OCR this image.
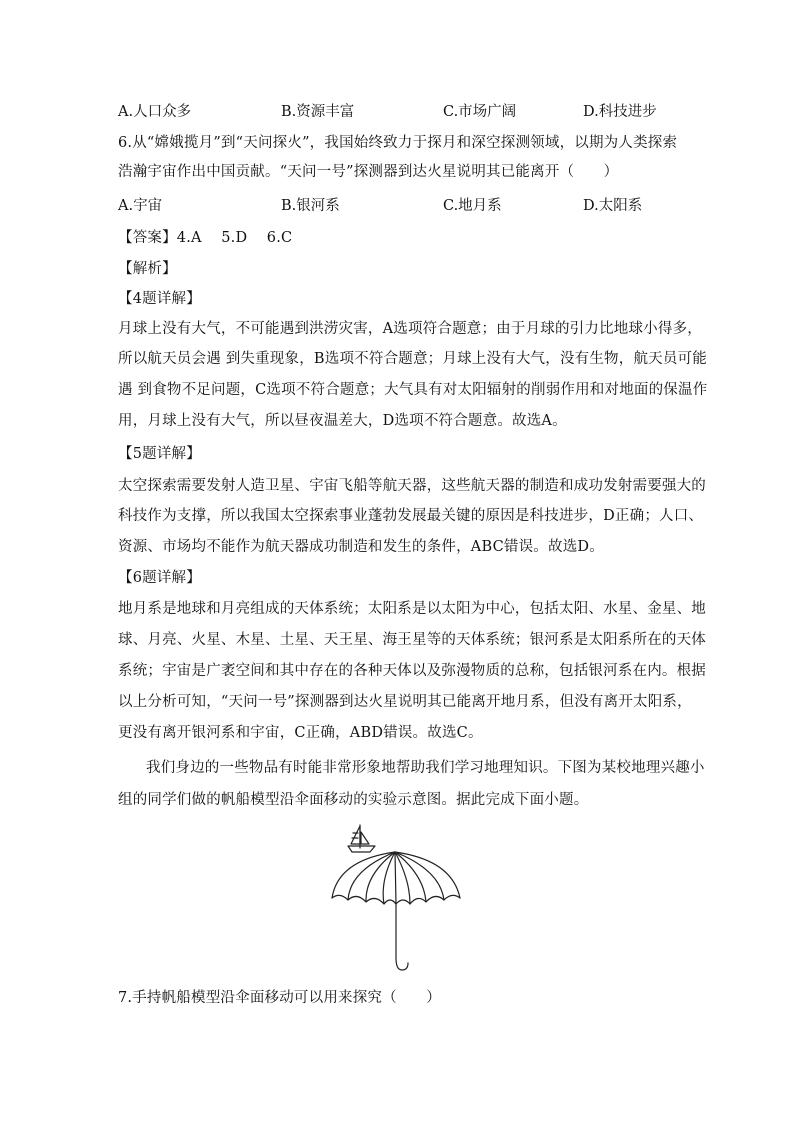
A.人口众多	B.资源丰富	C.市场广阔	D.科技进步
6.从“嫦娥揽月”到“天问探火”，我国始终致力于探月和深空探测领域，以期为人类探索
浩瀚宇宙作出中国贡献。“天问一号”探测器到达火星说明其已能离开（　　）
A.宇宙	B.银河系	C.地月系	D.太阳系
【答案】4.A　 5.D　 6.C
【解析】
【4题详解】
月球上没有大气，不可能遇到洪涝灾害，A选项符合题意；由于月球的引力比地球小得多，
所以航天员会遇 到失重现象，B选项不符合题意；月球上没有大气，没有生物，航天员可能
遇 到食物不足问题，C选项不符合题意；大气具有对太阳辐射的削弱作用和对地面的保温作
用，月球上没有大气，所以昼夜温差大，D选项不符合题意。故选A。
【5题详解】
太空探索需要发射人造卫星、宇宙飞船等航天器，这些航天器的制造和成功发射需要强大的
科技作为支撑，所以我国太空探索事业蓬勃发展最关键的原因是科技进步，D正确；人口、
资源、市场均不能作为航天器成功制造和发生的条件，ABC错误。故选D。
【6题详解】
地月系是地球和月亮组成的天体系统；太阳系是以太阳为中心，包括太阳、水星、金星、地
球、月亮、火星、木星、土星、天王星、海王星等的天体系统；银河系是太阳系所在的天体
系统；宇宙是广袤空间和其中存在的各种天体以及弥漫物质的总称，包括银河系在内。根据
以上分析可知，“天问一号”探测器到达火星说明其已能离开地月系，但没有离开太阳系，
更没有离开银河系和宇宙，C正确，ABD错误。故选C。
我们身边的一些物品有时能非常形象地帮助我们学习地理知识。下图为某校地理兴趣小
组的同学们做的帆船模型沿伞面移动的实验示意图。据此完成下面小题。
7.手持帆船模型沿伞面移动可以用来探究（　　）
